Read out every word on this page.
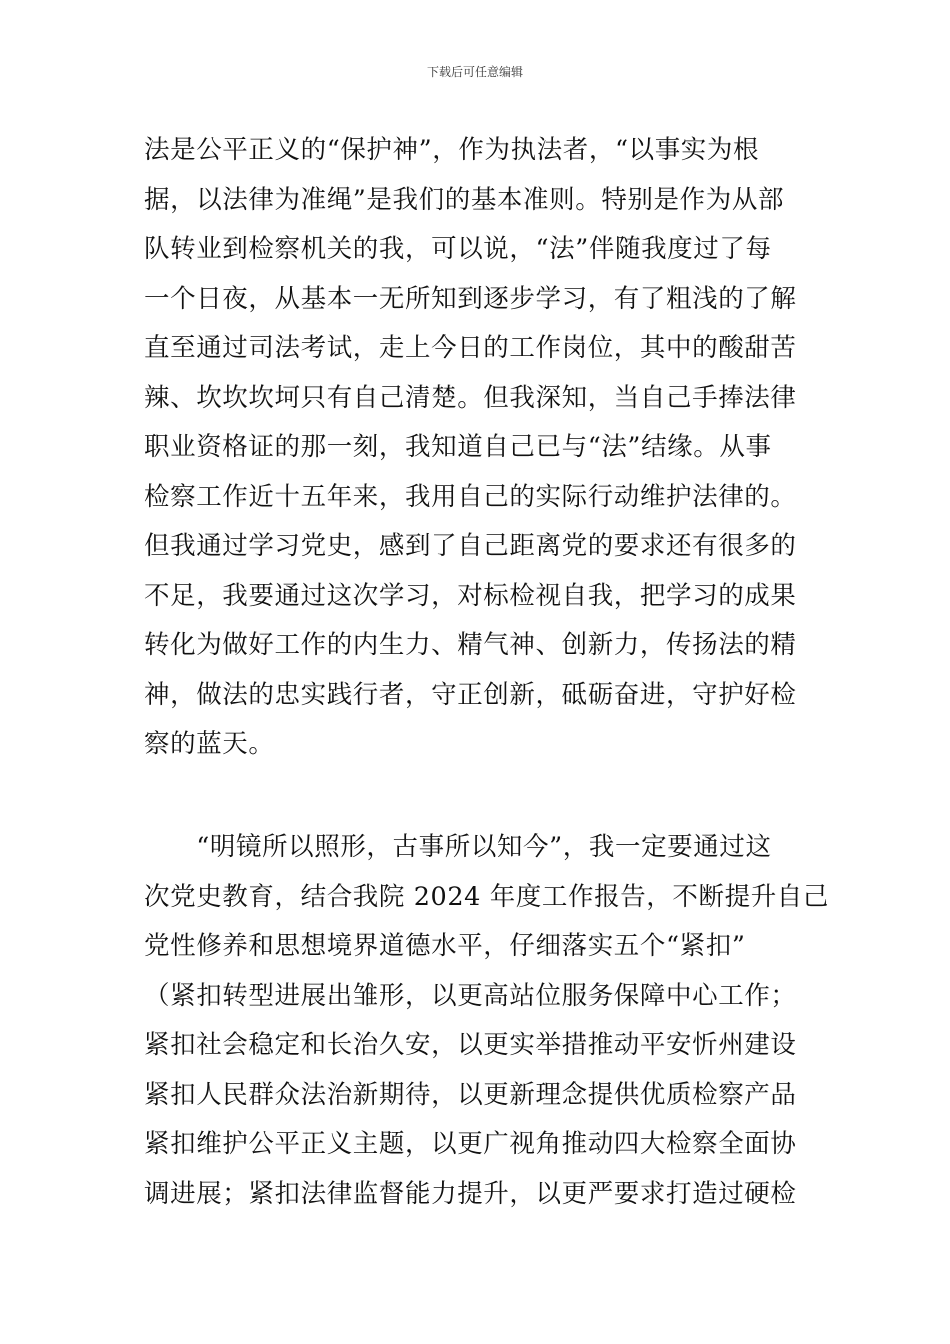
下载后可任意编辑
法是公平正义的“保护神”，作为执法者，“以事实为根
据，以法律为准绳”是我们的基本准则。特别是作为从部
队转业到检察机关的我，可以说，“法”伴随我度过了每
一个日夜，从基本一无所知到逐步学习，有了粗浅的了解
直至通过司法考试，走上今日的工作岗位，其中的酸甜苦
辣、坎坎坎坷只有自己清楚。但我深知，当自己手捧法律
职业资格证的那一刻，我知道自己已与“法”结缘。从事
检察工作近十五年来，我用自己的实际行动维护法律的。
但我通过学习党史，感到了自己距离党的要求还有很多的
不足，我要通过这次学习，对标检视自我，把学习的成果
转化为做好工作的内生力、精气神、创新力，传扬法的精
神，做法的忠实践行者，守正创新，砥砺奋进，守护好检
察的蓝天。
　　“明镜所以照形，古事所以知今”，我一定要通过这
次党史教育，结合我院 2024 年度工作报告，不断提升自己
党性修养和思想境界道德水平，仔细落实五个“紧扣”
（紧扣转型进展出雏形，以更高站位服务保障中心工作；
紧扣社会稳定和长治久安，以更实举措推动平安忻州建设
紧扣人民群众法治新期待，以更新理念提供优质检察产品
紧扣维护公平正义主题，以更广视角推动四大检察全面协
调进展；紧扣法律监督能力提升，以更严要求打造过硬检
